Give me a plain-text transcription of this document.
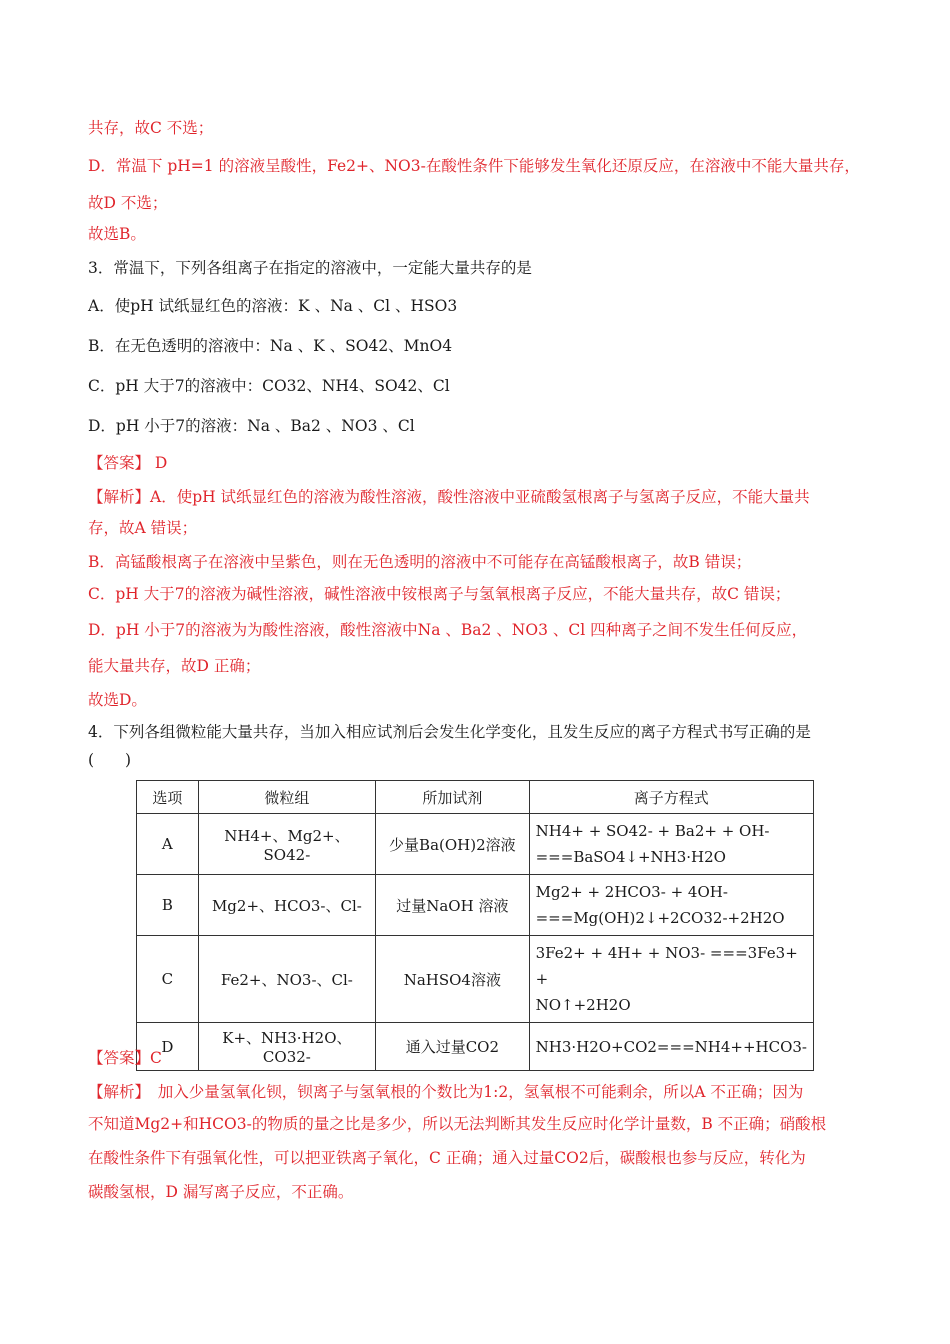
共存，故C 不选；
D．常温下 pH=1 的溶液呈酸性，Fe2+、NO3-在酸性条件下能够发生氧化还原反应，在溶液中不能大量共存，
故D 不选；
故选B。
3．常温下，下列各组离子在指定的溶液中，一定能大量共存的是
A．使pH 试纸显红色的溶液：K 、Na 、Cl 、HSO3
B．在无色透明的溶液中：Na 、K 、SO42、MnO4
C．pH 大于7的溶液中：CO32、NH4、SO42、Cl
D．pH 小于7的溶液：Na 、Ba2 、NO3 、Cl
【答案】 D
【解析】A．使pH 试纸显红色的溶液为酸性溶液，酸性溶液中亚硫酸氢根离子与氢离子反应，不能大量共
存，故A 错误；
B．高锰酸根离子在溶液中呈紫色，则在无色透明的溶液中不可能存在高锰酸根离子，故B 错误；
C．pH 大于7的溶液为碱性溶液，碱性溶液中铵根离子与氢氧根离子反应，不能大量共存，故C 错误；
D．pH 小于7的溶液为为酸性溶液，酸性溶液中Na 、Ba2 、NO3 、Cl 四种离子之间不发生任何反应，
能大量共存，故D 正确；
故选D。
4．下列各组微粒能大量共存，当加入相应试剂后会发生化学变化，且发生反应的离子方程式书写正确的是
(　　)
选项	微粒组	所加试剂	离子方程式
A	NH4+、Mg2+、SO42-	少量Ba(OH)2溶液	NH4+ + SO42- + Ba2+ + OH-
===BaSO4↓+NH3·H2O

B	Mg2+、HCO3-、Cl-	过量NaOH 溶液	Mg2+ + 2HCO3- + 4OH-
===Mg(OH)2↓+2CO32-+2H2O

C	Fe2+、NO3-、Cl-	NaHSO4溶液	3Fe2+ + 4H+ + NO3- ===3Fe3+ +
NO↑+2H2O

D	K+、NH3·H2O、CO32-	通入过量CO2	NH3·H2O+CO2===NH4++HCO3-
【答案】C
【解析】　加入少量氢氧化钡，钡离子与氢氧根的个数比为1:2，氢氧根不可能剩余，所以A 不正确；因为
不知道Mg2+和HCO3-的物质的量之比是多少，所以无法判断其发生反应时化学计量数，B 不正确；硝酸根
在酸性条件下有强氧化性，可以把亚铁离子氧化，C 正确；通入过量CO2后，碳酸根也参与反应，转化为
碳酸氢根，D 漏写离子反应，不正确。
